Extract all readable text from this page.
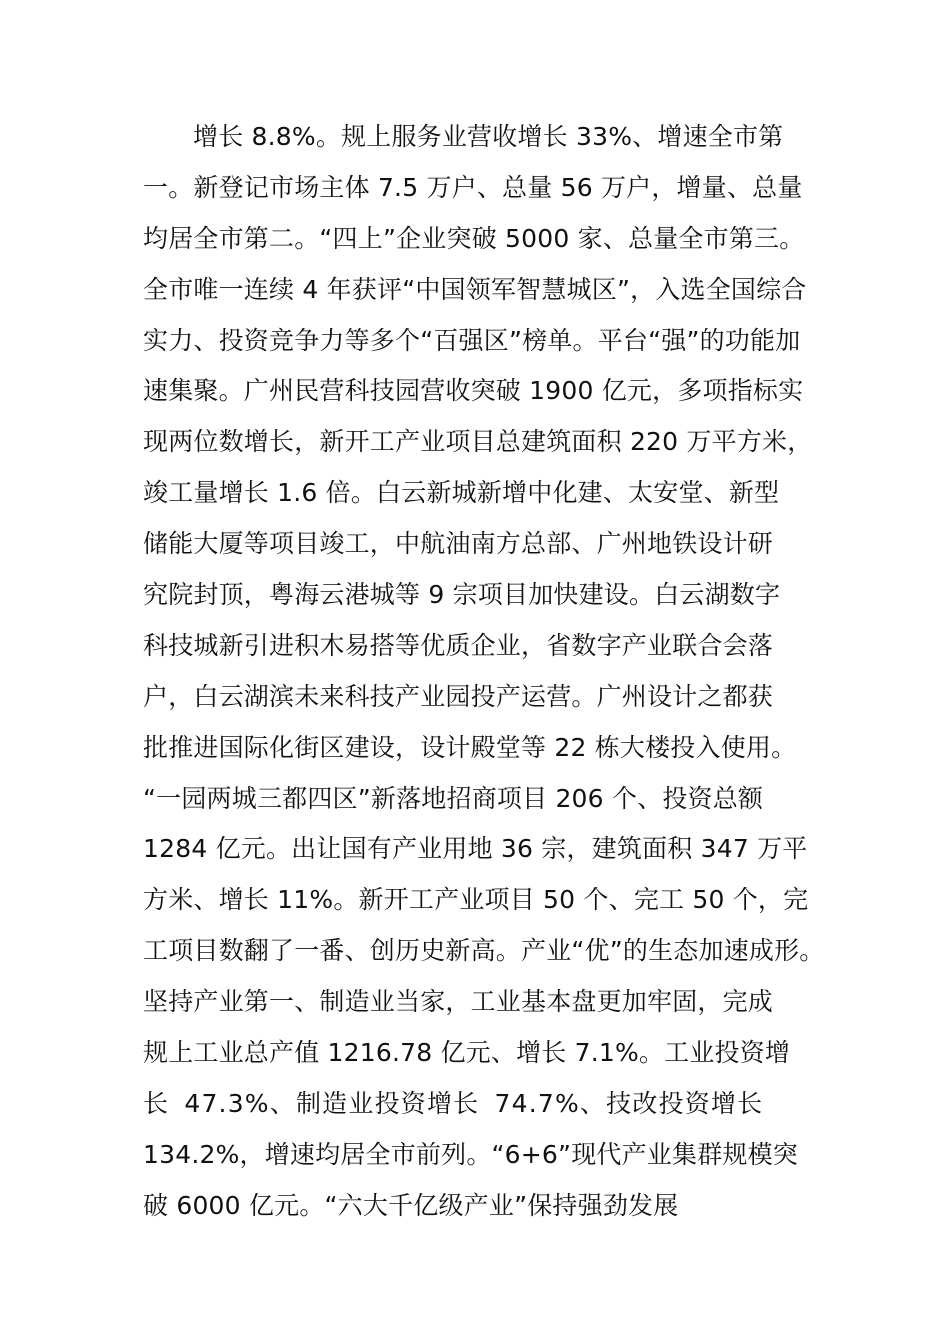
增长 8.8%。规上服务业营收增长 33%、增速全市第
一。新登记市场主体 7.5 万户、总量 56 万户，增量、总量
均居全市第二。“四上”企业突破 5000 家、总量全市第三。
全市唯一连续 4 年获评“中国领军智慧城区”，入选全国综合
实力、投资竞争力等多个“百强区”榜单。平台“强”的功能加
速集聚。广州民营科技园营收突破 1900 亿元，多项指标实
现两位数增长，新开工产业项目总建筑面积 220 万平方米，
竣工量增长 1.6 倍。白云新城新增中化建、太安堂、新型
储能大厦等项目竣工，中航油南方总部、广州地铁设计研
究院封顶，粤海云港城等 9 宗项目加快建设。白云湖数字
科技城新引进积木易搭等优质企业，省数字产业联合会落
户，白云湖滨未来科技产业园投产运营。广州设计之都获
批推进国际化街区建设，设计殿堂等 22 栋大楼投入使用。
“一园两城三都四区”新落地招商项目 206 个、投资总额
1284 亿元。出让国有产业用地 36 宗，建筑面积 347 万平
方米、增长 11%。新开工产业项目 50 个、完工 50 个，完
工项目数翻了一番、创历史新高。产业“优”的生态加速成形。
坚持产业第一、制造业当家，工业基本盘更加牢固，完成
规上工业总产值 1216.78 亿元、增长 7.1%。工业投资增
长 47.3%、制造业投资增长 74.7%、技改投资增长
134.2%，增速均居全市前列。“6+6”现代产业集群规模突
破 6000 亿元。“六大千亿级产业”保持强劲发展
